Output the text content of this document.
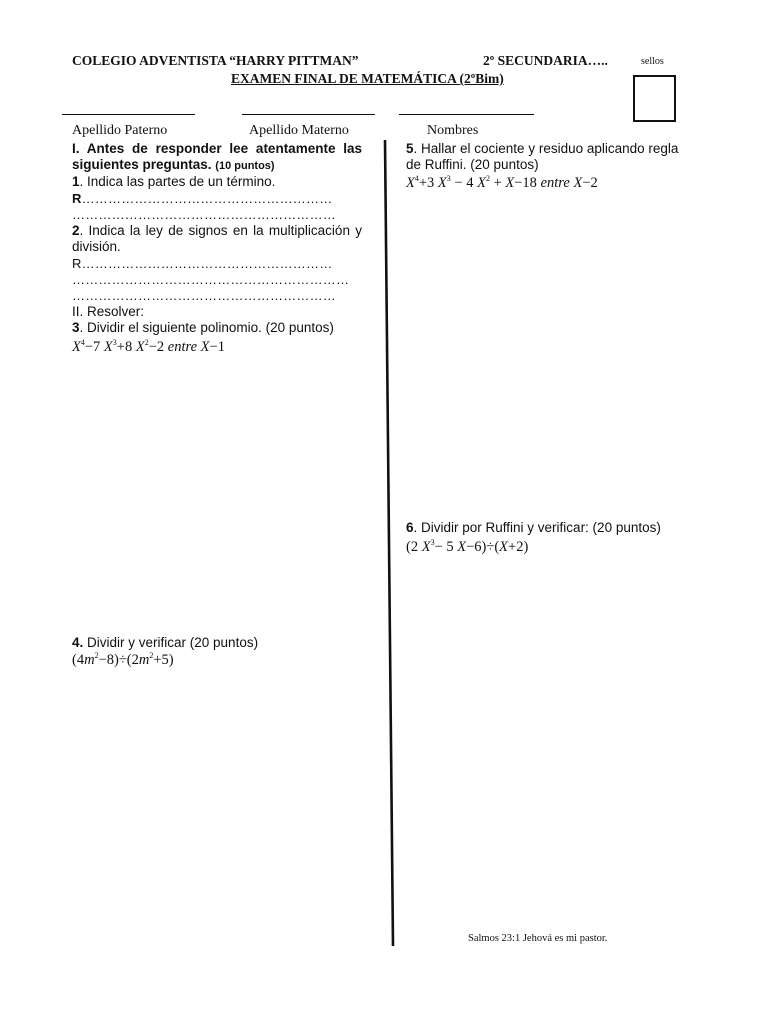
COLEGIO ADVENTISTA “HARRY PITTMAN”	2º SECUNDARIA…..	sellos
EXAMEN FINAL DE MATEMÁTICA (2ºBim)
Apellido Paterno	Apellido Materno	Nombres
I. Antes de responder lee atentamente las siguientes preguntas. (10 puntos)
1. Indica las partes de un término.
R…………………………………………………
……………………………………………………
2. Indica la ley de signos en la multiplicación y división.
R…………………………………………………
………………………………………………………
……………………………………………………
II. Resolver:
3. Dividir el siguiente polinomio. (20 puntos)
$X^4-7$ $X^3+8$ $X^2-2$ entre X−1
4. Dividir y verificar (20 puntos)
$(4m^2-8)\div(2m^2+5)$
5. Hallar el cociente y residuo aplicando regla de Ruffini. (20 puntos)
$X^4+3$ $X^3 - 4$ $X^2 + X-18$ entre X−2
6. Dividir por Ruffini y verificar: (20 puntos)
(2 $X^3- 5$ X−6)÷(X+2)
Salmos 23:1 Jehová es mi pastor.
